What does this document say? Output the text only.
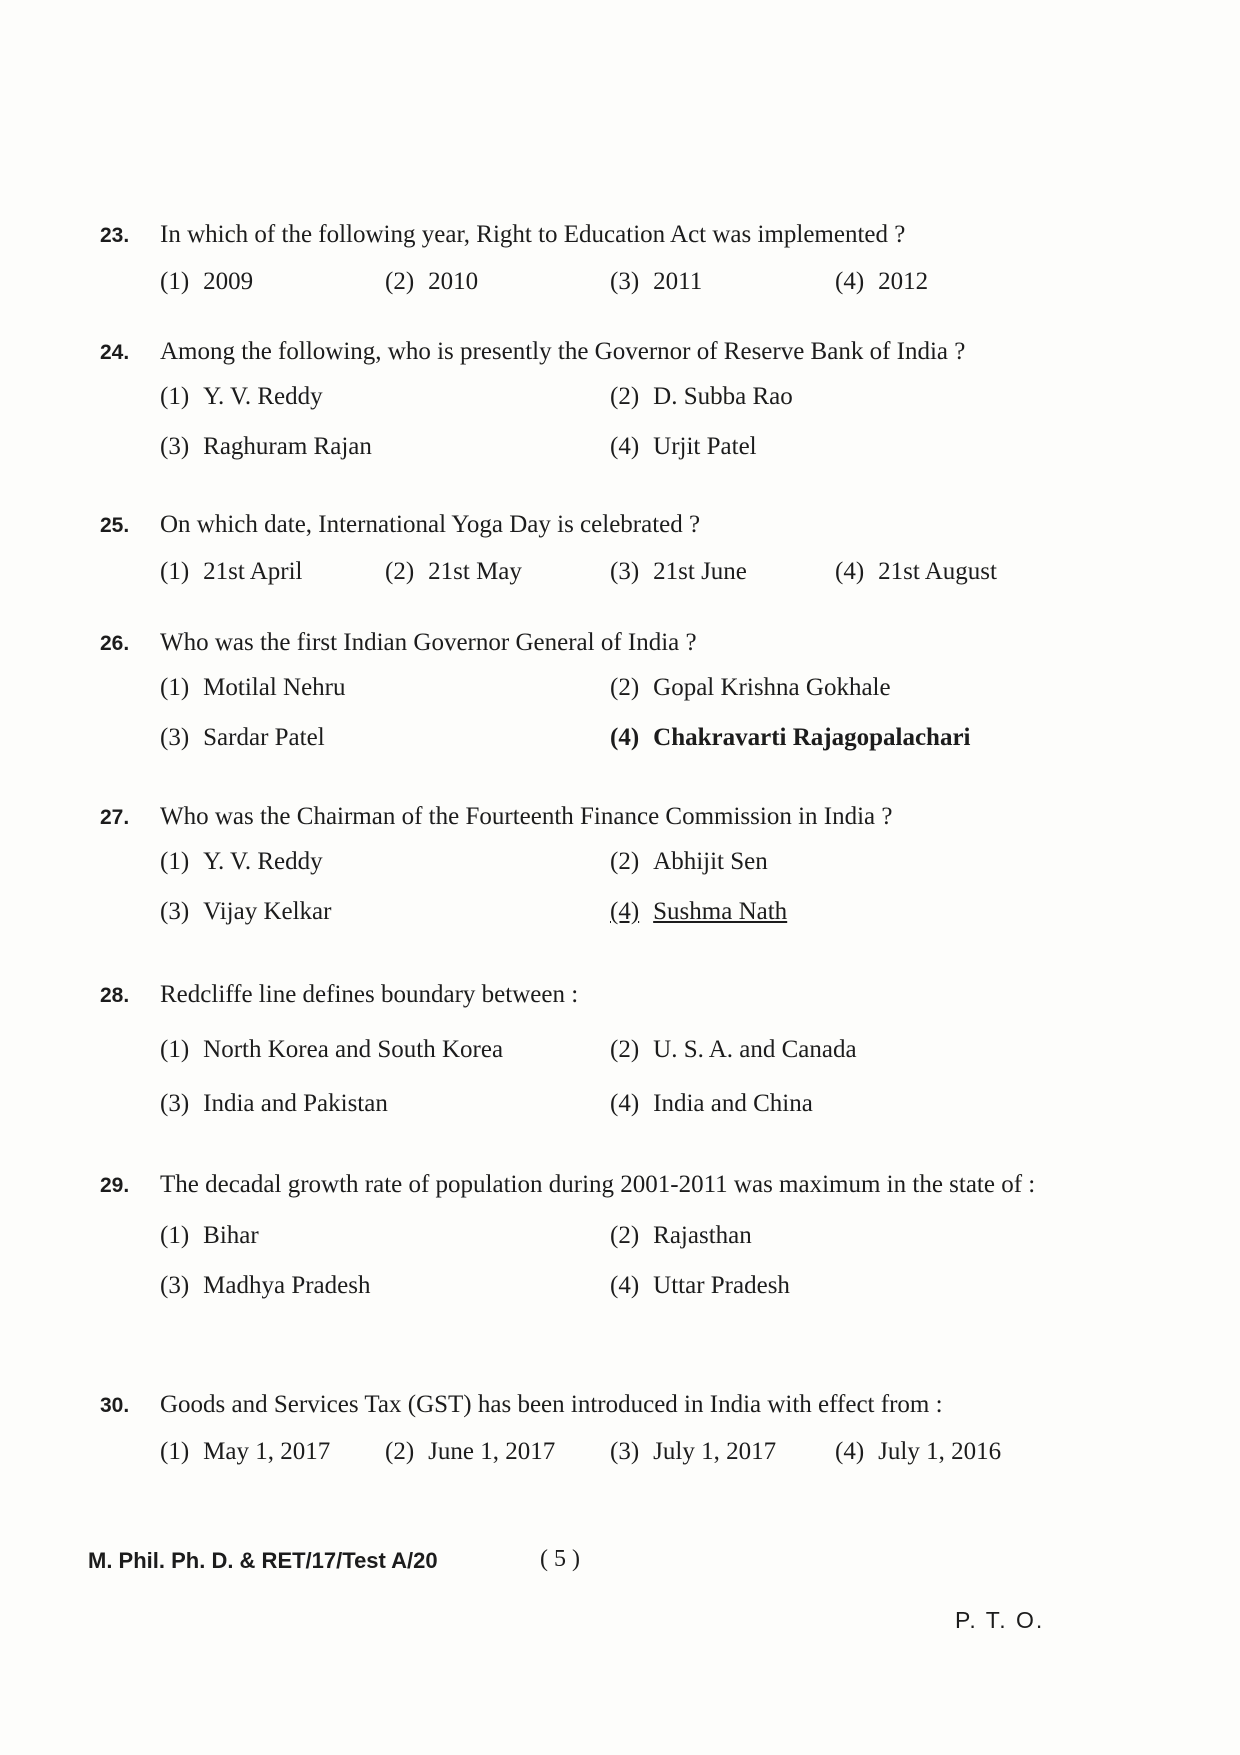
23.	In which of the following year, Right to Education Act was implemented ?
(1) 2009	(2) 2010	(3) 2011	(4) 2012
24.	Among the following, who is presently the Governor of Reserve Bank of India ?
(1) Y. V. Reddy	(2) D. Subba Rao
(3) Raghuram Rajan	(4) Urjit Patel
25.	On which date, International Yoga Day is celebrated ?
(1) 21st April	(2) 21st May	(3) 21st June	(4) 21st August
26.	Who was the first Indian Governor General of India ?
(1) Motilal Nehru	(2) Gopal Krishna Gokhale
(3) Sardar Patel	(4) Chakravarti Rajagopalachari
27.	Who was the Chairman of the Fourteenth Finance Commission in India ?
(1) Y. V. Reddy	(2) Abhijit Sen
(3) Vijay Kelkar	(4) Sushma Nath
28.	Redcliffe line defines boundary between :
(1) North Korea and South Korea	(2) U. S. A. and Canada
(3) India and Pakistan	(4) India and China
29.	The decadal growth rate of population during 2001-2011 was maximum in the state of :
(1) Bihar	(2) Rajasthan
(3) Madhya Pradesh	(4) Uttar Pradesh
30.	Goods and Services Tax (GST) has been introduced in India with effect from :
(1) May 1, 2017 (2) June 1, 2017 (3) July 1, 2017 (4) July 1, 2016
M. Phil. Ph. D. & RET/17/Test A/20	( 5 )
P. T. O.
